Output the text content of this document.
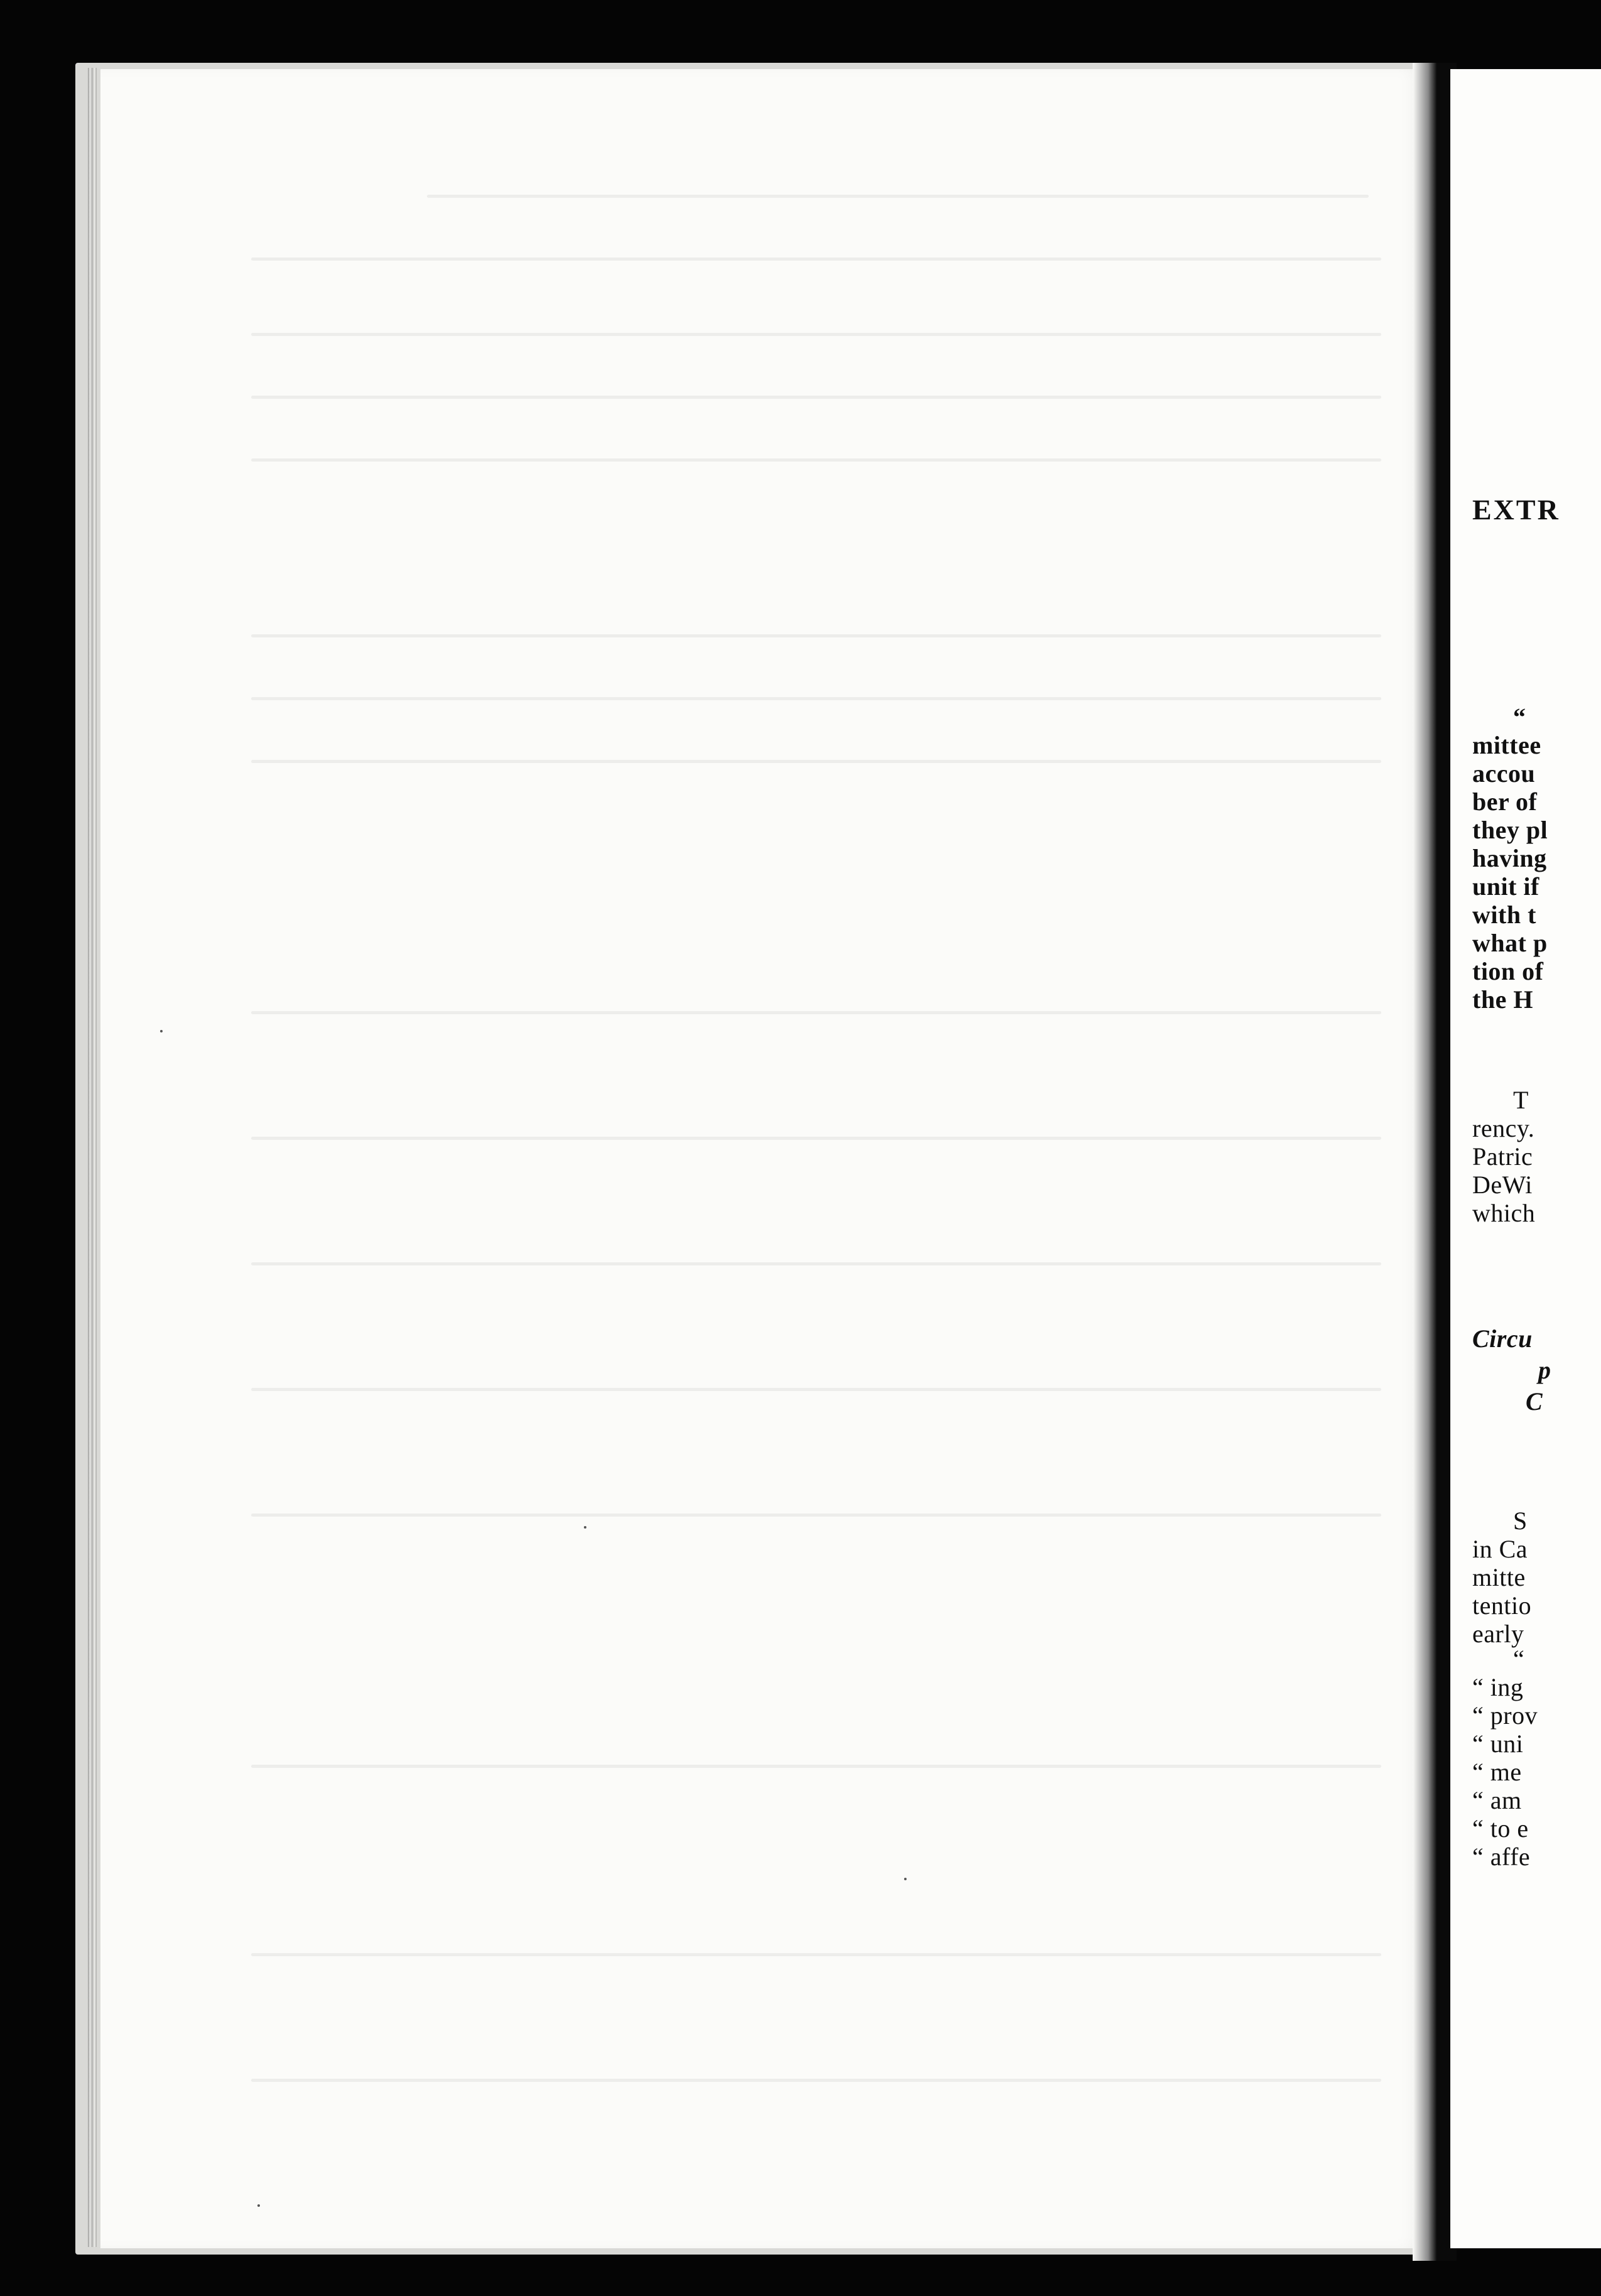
EXTR
“
mittee
accou
ber of
they pl
having
unit if
with t
what p
tion of
the H
T
rency.
Patric
DeWi
which
Circu
p
C
S
in Ca
mitte
tentio
early
“
“ ing
“ prov
“ uni
“ me
“ am
“ to e
“ affe
